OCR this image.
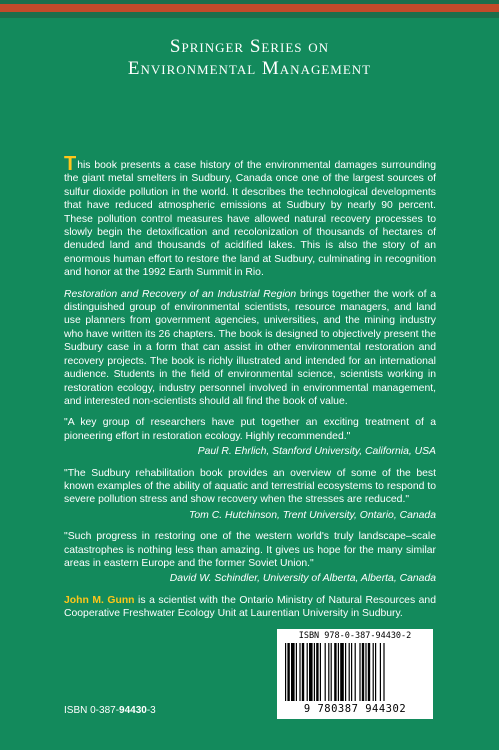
Springer Series on
Environmental Management

This book presents a case history of the environmental damages surrounding the giant metal smelters in Sudbury, Canada once one of the largest sources of sulfur dioxide pollution in the world. It describes the technological developments that have reduced atmospheric emissions at Sudbury by nearly 90 percent. These pollution control measures have allowed natural recovery processes to slowly begin the detoxification and recolonization of thousands of hectares of denuded land and thousands of acidified lakes. This is also the story of an enormous human effort to restore the land at Sudbury, culminating in recognition and honor at the 1992 Earth Summit in Rio.

Restoration and Recovery of an Industrial Region brings together the work of a distinguished group of environmental scientists, resource managers, and land use planners from government agencies, universities, and the mining industry who have written its 26 chapters. The book is designed to objectively present the Sudbury case in a form that can assist in other environmental restoration and recovery projects. The book is richly illustrated and intended for an international audience. Students in the field of environmental science, scientists working in restoration ecology, industry personnel involved in environmental management, and interested non-scientists should all find the book of value.

"A key group of researchers have put together an exciting treatment of a pioneering effort in restoration ecology. Highly recommended."
Paul R. Ehrlich, Stanford University, California, USA
"The Sudbury rehabilitation book provides an overview of some of the best known examples of the ability of aquatic and terrestrial ecosystems to respond to severe pollution stress and show recovery when the stresses are reduced."
Tom C. Hutchinson, Trent University, Ontario, Canada
"Such progress in restoring one of the western world's truly landscape–scale catastrophes is nothing less than amazing. It gives us hope for the many similar areas in eastern Europe and the former Soviet Union."
David W. Schindler, University of Alberta, Alberta, Canada
John M. Gunn is a scientist with the Ontario Ministry of Natural Resources and Cooperative Freshwater Ecology Unit at Laurentian University in Sudbury.
ISBN 978-0-387-94430-2
9 780387 944302
ISBN 0-387-94430-3
